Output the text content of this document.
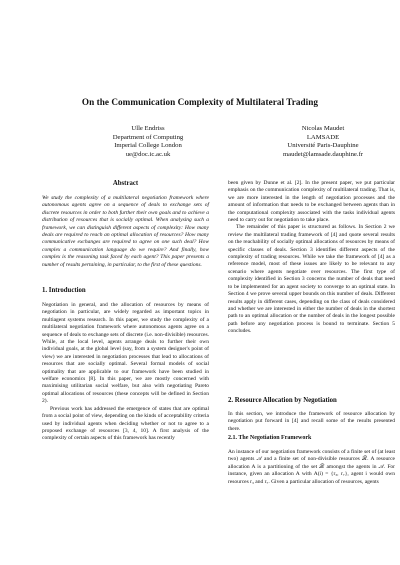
On the Communication Complexity of Multilateral Trading
Ulle Endriss
Department of Computing
Imperial College London
ue@doc.ic.ac.uk
Nicolas Maudet
LAMSADE
Université Paris-Dauphine
maudet@lamsade.dauphine.fr
Abstract
We study the complexity of a multilateral negotiation framework where autonomous agents agree on a sequence of deals to exchange sets of discrete resources in order to both further their own goals and to achieve a distribution of resources that is socially optimal. When analysing such a framework, we can distinguish different aspects of complexity: How many deals are required to reach an optimal allocation of resources? How many communicative exchanges are required to agree on one such deal? How complex a communication language do we require? And finally, how complex is the reasoning task faced by each agent? This paper presents a number of results pertaining, in particular, to the first of these questions.
1. Introduction

Negotiation in general, and the allocation of resources by means of negotiation in particular, are widely regarded as important topics in multiagent systems research. In this paper, we study the complexity of a multilateral negotiation framework where autonomous agents agree on a sequence of deals to exchange sets of discrete (i.e. non-divisible) resources. While, at the local level, agents arrange deals to further their own individual goals, at the global level (say, from a system designer's point of view) we are interested in negotiation processes that lead to allocations of resources that are socially optimal. Several formal models of social optimality that are applicable to our framework have been studied in welfare economics [8]. In this paper, we are mostly concerned with maximising utilitarian social welfare, but also with negotiating Pareto optimal allocations of resources (these concepts will be defined in Section 2).

Previous work has addressed the emergence of states that are optimal from a social point of view, depending on the kinds of acceptability criteria used by individual agents when deciding whether or not to agree to a proposed exchange of resources [3, 4, 10]. A first analysis of the complexity of certain aspects of this framework has recently

been given by Dunne et al. [2]. In the present paper, we put particular emphasis on the communication complexity of multilateral trading. That is, we are more interested in the length of negotiation processes and the amount of information that needs to be exchanged between agents than in the computational complexity associated with the tasks individual agents need to carry out for negotiation to take place.

The remainder of this paper is structured as follows. In Section 2 we review the multilateral trading framework of [4] and quote several results on the reachability of socially optimal allocations of resources by means of specific classes of deals. Section 3 identifies different aspects of the complexity of trading resources. While we take the framework of [4] as a reference model, most of these issues are likely to be relevant to any scenario where agents negotiate over resources. The first type of complexity identified in Section 3 concerns the number of deals that need to be implemented for an agent society to converge to an optimal state. In Section 4 we prove several upper bounds on this number of deals. Different results apply in different cases, depending on the class of deals considered and whether we are interested in either the number of deals in the shortest path to an optimal allocation or the number of deals in the longest possible path before any negotiation process is bound to terminate. Section 5 concludes.

2. Resource Allocation by Negotiation

In this section, we introduce the framework of resource allocation by negotiation put forward in [4] and recall some of the results presented there.

2.1. The Negotiation Framework

An instance of our negotiation framework consists of a finite set of (at least two) agents 𝒜 and a finite set of non-divisible resources ℛ. A resource allocation A is a partitioning of the set ℛ amongst the agents in 𝒜. For instance, given an allocation A with A(i) = {r₃, r₇}, agent i would own resources r₃ and r₇. Given a particular allocation of resources, agents
